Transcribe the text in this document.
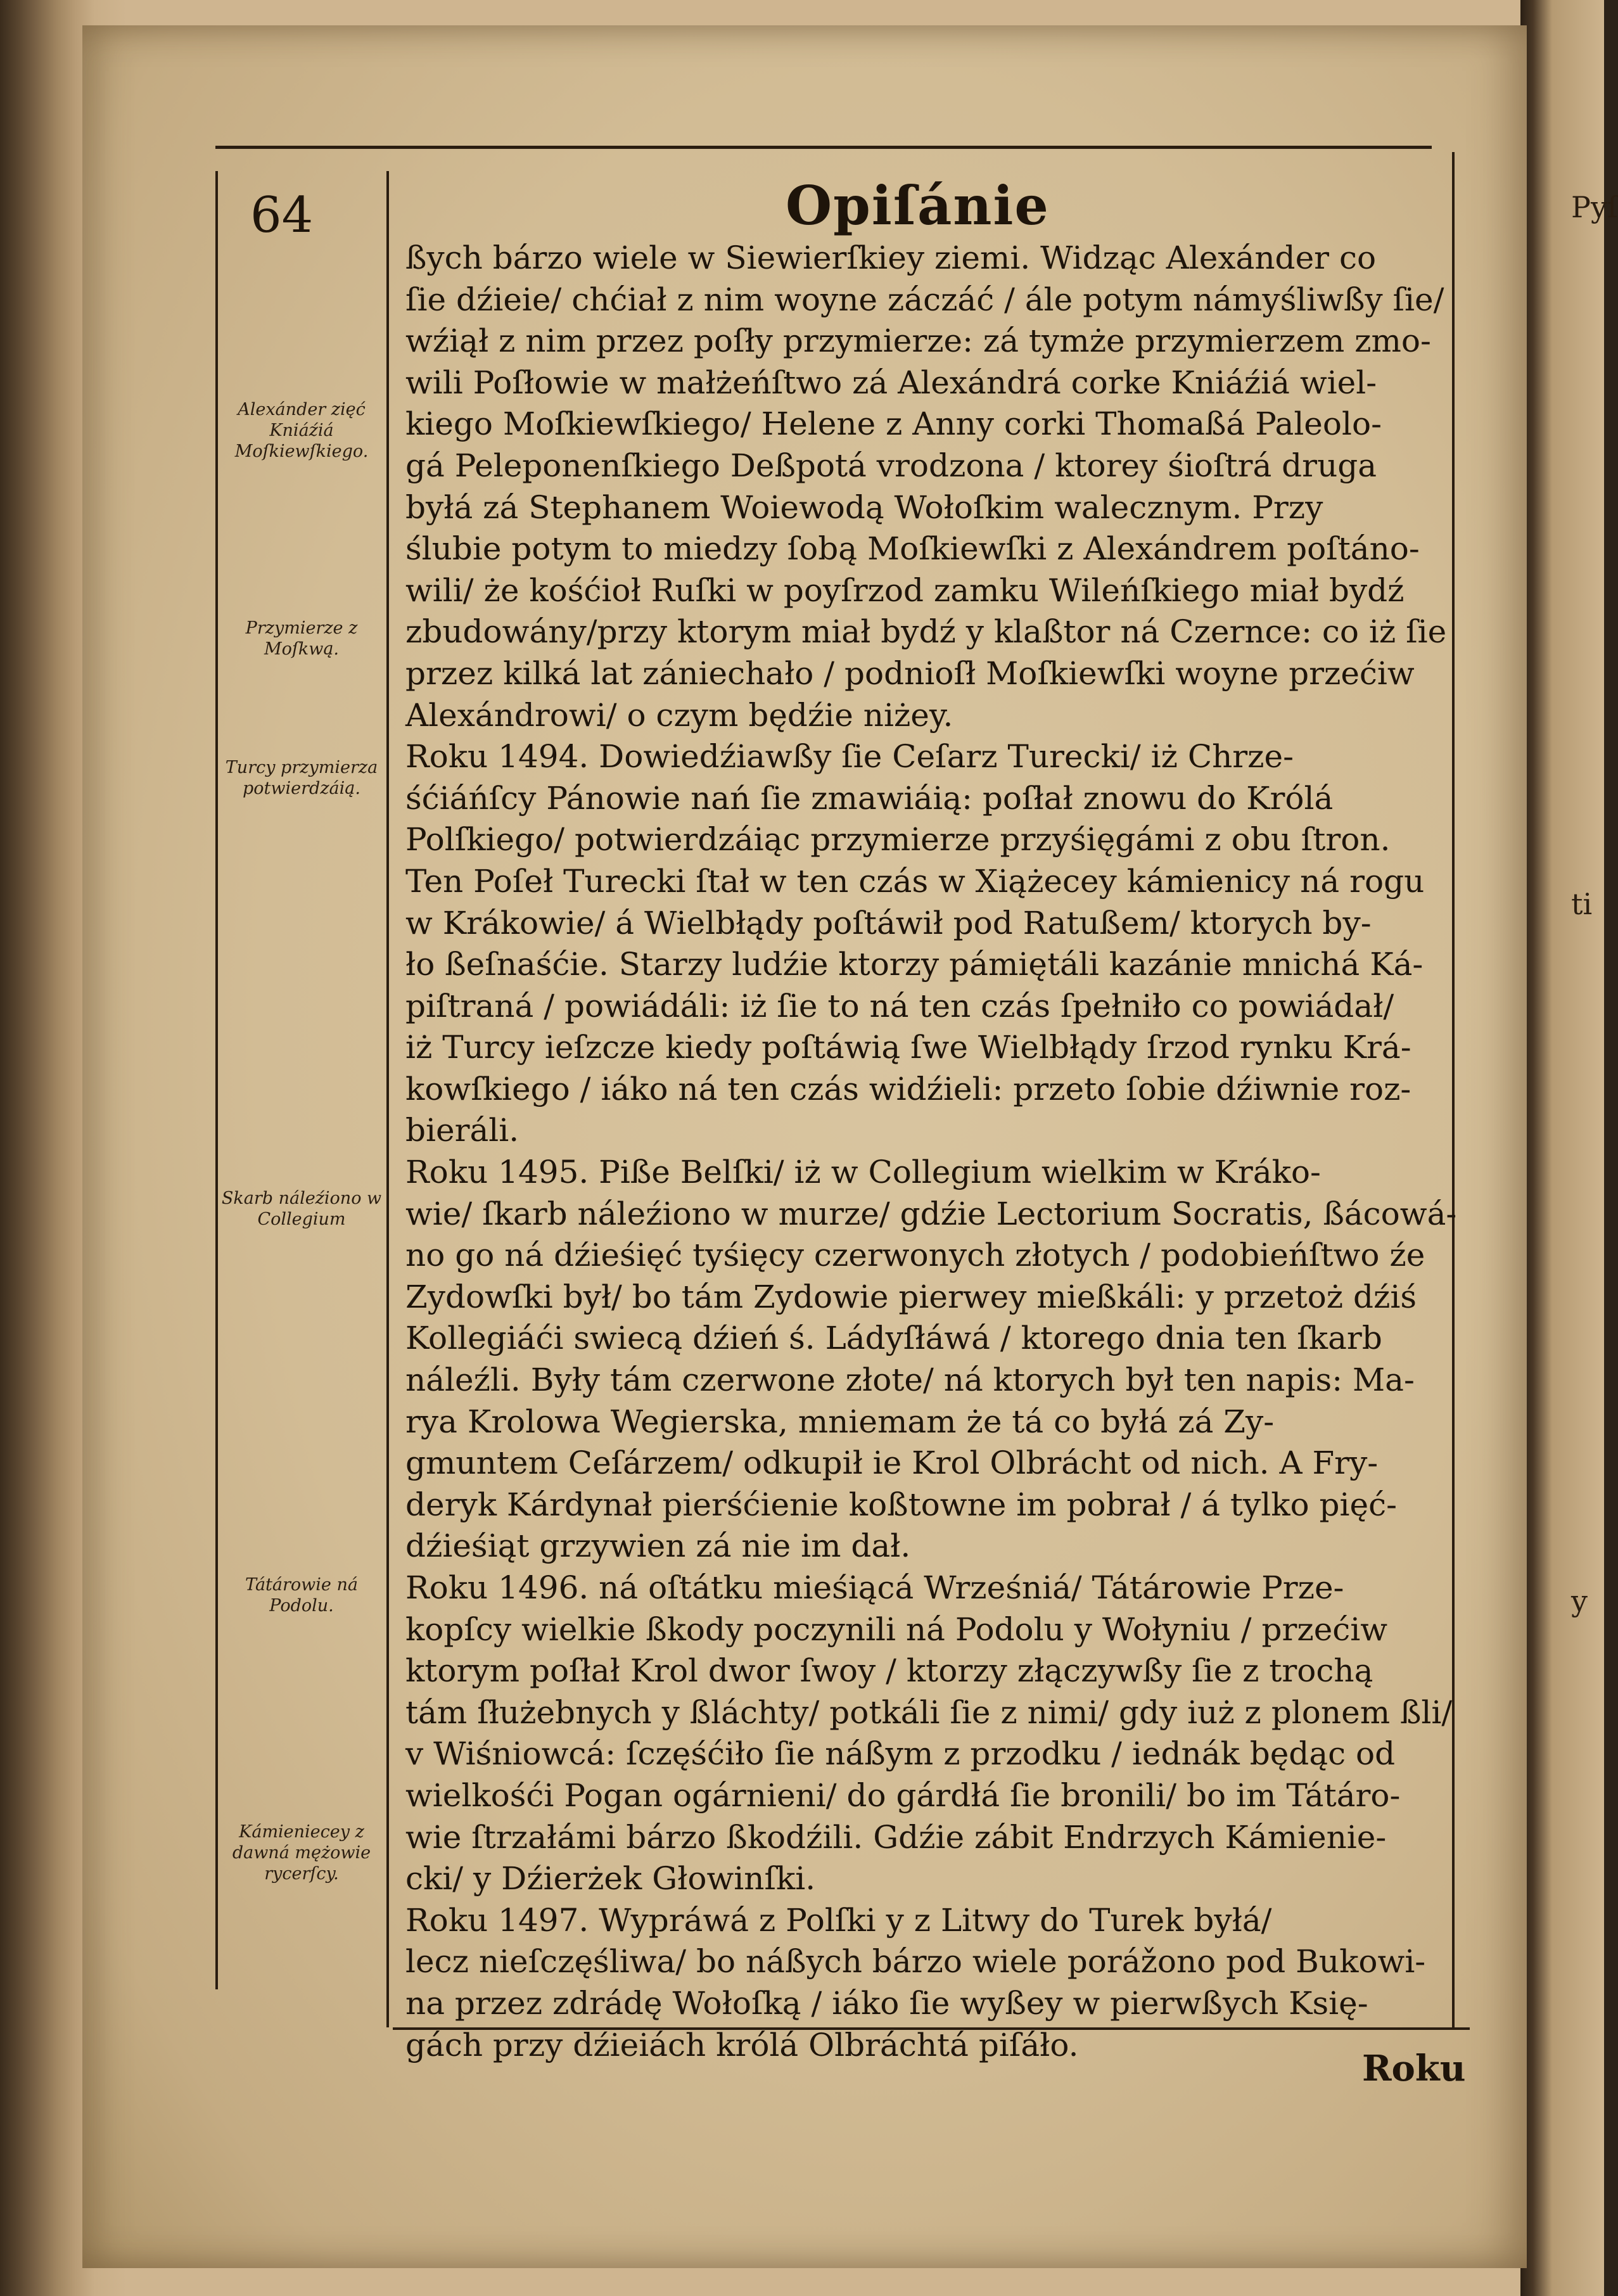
Pyſ
ti
y
64	Opiſánie
Alexánder zięć Kniáźiá Moſkiewſkiego.
Przymierze z Moſkwą.
Turcy przymierza potwierdzáią.
Skarb náleźiono w Collegium
Tátárowie ná Podolu.
Kámieniecey z dawná mężowie rycerſcy.
ßych bárzo wiele w Siewierſkiey ziemi. Widząc Alexánder co
ſie dźieie/ chćiał z nim woyne záczáć / ále potym námyśliwßy ſie/
wźiął z nim przez poſły przymierze: zá tymże przymierzem zmo-
wili Poſłowie w małżeńſtwo zá Alexándrá corke Kniáźiá wiel-
kiego Moſkiewſkiego/ Helene z Anny corki Thomaßá Paleolo-
gá Peleponenſkiego Deßpotá vrodzona / ktorey śioſtrá druga
byłá zá Stephanem Woiewodą Wołoſkim walecznym. Przy
ślubie potym to miedzy ſobą Moſkiewſki z Alexándrem poſtáno-
wili/ że kośćioł Ruſki w poyſrzod zamku Wileńſkiego miał bydź
zbudowány/przy ktorym miał bydź y klaßtor ná Czernce: co iż ſie
przez kilká lat zániechało / podnioſł Moſkiewſki woyne przećiw
Alexándrowi/ o czym będźie niżey.
Roku 1494. Dowiedźiawßy ſie Ceſarz Turecki/ iż Chrze-
śćiáńſcy Pánowie nań ſie zmawiáią: poſłał znowu do Królá
Polſkiego/ potwierdzáiąc przymierze przyśięgámi z obu ſtron.
Ten Poſeł Turecki ſtał w ten czás w Xiążecey kámienicy ná rogu
w Krákowie/ á Wielbłądy poſtáwił pod Ratußem/ ktorych by-
ło ßeſnaśćie. Starzy ludźie ktorzy pámiętáli kazánie mnichá Ká-
piſtraná / powiádáli: iż ſie to ná ten czás ſpełniło co powiádał/
iż Turcy ieſzcze kiedy poſtáwią ſwe Wielbłądy ſrzod rynku Krá-
kowſkiego / iáko ná ten czás widźieli: przeto ſobie dźiwnie roz-
bieráli.
Roku 1495. Piße Belſki/ iż w Collegium wielkim w Kráko-
wie/ ſkarb náleźiono w murze/ gdźie Lectorium Socratis, ßácowá-
no go ná dźieśięć tyśięcy czerwonych złotych / podobieńſtwo źe
Zydowſki był/ bo tám Zydowie pierwey mießkáli: y przetoż dźiś
Kollegiáći swiecą dźień ś. Ládyſłáwá / ktorego dnia ten ſkarb
náleźli. Były tám czerwone złote/ ná ktorych był ten napis: Ma-
rya Krolowa Wegierska, mniemam że tá co byłá zá Zy-
gmuntem Ceſárzem/ odkupił ie Krol Olbrácht od nich. A Fry-
deryk Kárdynał pierśćienie koßtowne im pobrał / á tylko pięć-
dźieśiąt grzywien zá nie im dał.
Roku 1496. ná oſtátku mieśiącá Wrześniá/ Tátárowie Prze-
kopſcy wielkie ßkody poczynili ná Podolu y Wołyniu / przećiw
ktorym poſłał Krol dwor ſwoy / ktorzy złączywßy ſie z trochą
tám ſłużebnych y ßláchty/ potkáli ſie z nimi/ gdy iuż z plonem ßli/
v Wiśniowcá: ſczęśćiło ſie náßym z przodku / iednák będąc od
wielkośći Pogan ogárnieni/ do gárdłá ſie bronili/ bo im Tátáro-
wie ſtrzałámi bárzo ßkodźili. Gdźie zábit Endrzych Kámienie-
cki/ y Dźierżek Głowinſki.
Roku 1497. Wypráwá z Polſki y z Litwy do Turek byłá/
lecz nieſczęśliwa/ bo náßych bárzo wiele porážono pod Bukowi-
na przez zdrádę Wołoſką / iáko ſie wyßey w pierwßych Księ-
gách przy dźieiách królá Olbráchtá piſáło.
Roku
